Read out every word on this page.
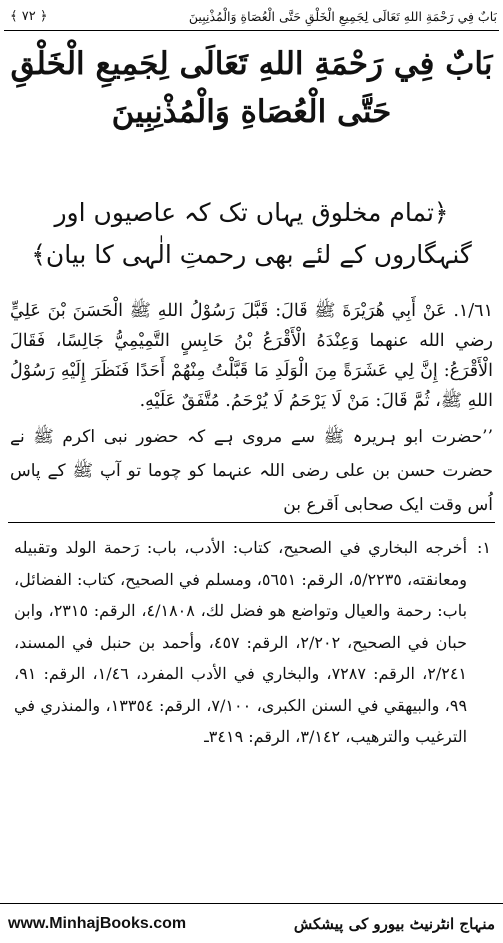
بَابٌ فِي رَحْمَةِ اللهِ تَعَالَى لِجَمِيعِ الْخَلْقِ حَتَّى الْعُصَاةِ وَالْمُذْنِبِينَ
﴿ ٧٢ ﴾
بَابٌ فِي رَحْمَةِ اللهِ تَعَالَى لِجَمِيعِ الْخَلْقِ حَتَّى الْعُصَاةِ وَالْمُذْنِبِينَ
﴿تمام مخلوق یہاں تک کہ عاصیوں اور گنہگاروں کے لئے بھی رحمتِ الٰہی کا بیان﴾
١/٦١. عَنْ أَبِي هُرَيْرَةَ ﷺ قَالَ: قَبَّلَ رَسُوْلُ اللهِ ﷺ الْحَسَنَ بْنَ عَلِيٍّ رضي الله عنهما وَعِنْدَهُ الْأَقْرَعُ بْنُ حَابِسٍ التَّمِيْمِيُّ جَالِسًا، فَقَالَ الْأَقْرَعُ: إِنَّ لِي عَشَرَةً مِنَ الْوَلَدِ مَا قَبَّلْتُ مِنْهُمْ أَحَدًا فَنَظَرَ إِلَيْهِ رَسُوْلُ اللهِ ﷺ، ثُمَّ قَالَ: مَنْ لَا يَرْحَمُ لَا يُرْحَمُ. مُتَّفَقٌ عَلَيْهِ.
’’حضرت ابو ہریرہ ﷺ سے مروی ہے کہ حضور نبی اکرم ﷺ نے حضرت حسن بن علی رضی اللہ عنہما کو چوما تو آپ ﷺ کے پاس اُس وقت ایک صحابی اَقرع بن
١:
أخرجه البخاري في الصحيح، كتاب: الأدب، باب: رَحمة الولد وتقبيله ومعانقته، ٥/٢٢٣٥، الرقم: ٥٦٥١، ومسلم في الصحيح، كتاب: الفضائل، باب: رحمة والعيال وتواضع هو فضل لك، ٤/١٨٠٨، الرقم: ٢٣١٥، وابن حبان في الصحيح، ٢/٢٠٢، الرقم: ٤٥٧، وأحمد بن حنبل في المسند، ٢/٢٤١، الرقم: ٧٢٨٧، والبخاري في الأدب المفرد، ١/٤٦، الرقم: ٩١، ٩٩، والبيهقي في السنن الكبرى، ٧/١٠٠، الرقم: ١٣٣٥٤، والمنذري في الترغيب والترهيب، ٣/١٤٢، الرقم: ٣٤١٩ـ
www.MinhajBooks.com	منہاج انٹرنیٹ بیورو کی پیشکش
